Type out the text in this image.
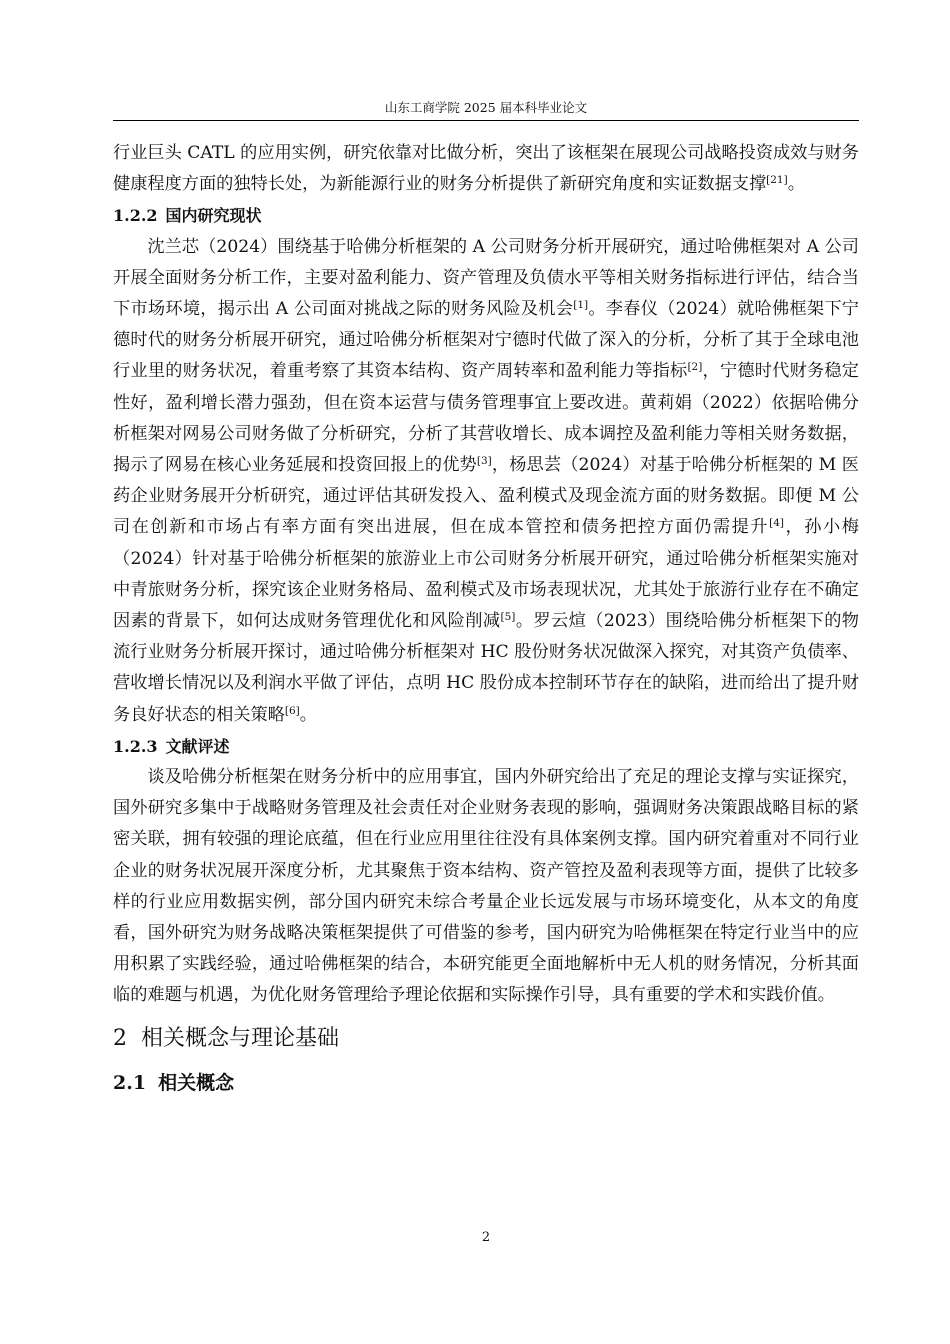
山东工商学院 2025 届本科毕业论文

行业巨头 CATL 的应用实例，研究依靠对比做分析，突出了该框架在展现公司战略投资成效与财务健康程度方面的独特长处，为新能源行业的财务分析提供了新研究角度和实证数据支撑[21]。

1.2.2 国内研究现状

沈兰芯（2024）围绕基于哈佛分析框架的 A 公司财务分析开展研究，通过哈佛框架对 A 公司开展全面财务分析工作，主要对盈利能力、资产管理及负债水平等相关财务指标进行评估，结合当下市场环境，揭示出 A 公司面对挑战之际的财务风险及机会[1]。李春仪（2024）就哈佛框架下宁德时代的财务分析展开研究，通过哈佛分析框架对宁德时代做了深入的分析，分析了其于全球电池行业里的财务状况，着重考察了其资本结构、资产周转率和盈利能力等指标[2]，宁德时代财务稳定性好，盈利增长潜力强劲，但在资本运营与债务管理事宜上要改进。黄莉娟（2022）依据哈佛分析框架对网易公司财务做了分析研究，分析了其营收增长、成本调控及盈利能力等相关财务数据，揭示了网易在核心业务延展和投资回报上的优势[3]，杨思芸（2024）对基于哈佛分析框架的 M 医药企业财务展开分析研究，通过评估其研发投入、盈利模式及现金流方面的财务数据。即便 M 公司在创新和市场占有率方面有突出进展，但在成本管控和债务把控方面仍需提升[4]，孙小梅（2024）针对基于哈佛分析框架的旅游业上市公司财务分析展开研究，通过哈佛分析框架实施对中青旅财务分析，探究该企业财务格局、盈利模式及市场表现状况，尤其处于旅游行业存在不确定因素的背景下，如何达成财务管理优化和风险削减[5]。罗云煊（2023）围绕哈佛分析框架下的物流行业财务分析展开探讨，通过哈佛分析框架对 HC 股份财务状况做深入探究，对其资产负债率、营收增长情况以及利润水平做了评估，点明 HC 股份成本控制环节存在的缺陷，进而给出了提升财务良好状态的相关策略[6]。

1.2.3 文献评述

谈及哈佛分析框架在财务分析中的应用事宜，国内外研究给出了充足的理论支撑与实证探究，国外研究多集中于战略财务管理及社会责任对企业财务表现的影响，强调财务决策跟战略目标的紧密关联，拥有较强的理论底蕴，但在行业应用里往往没有具体案例支撑。国内研究着重对不同行业企业的财务状况展开深度分析，尤其聚焦于资本结构、资产管控及盈利表现等方面，提供了比较多样的行业应用数据实例，部分国内研究未综合考量企业长远发展与市场环境变化，从本文的角度看，国外研究为财务战略决策框架提供了可借鉴的参考，国内研究为哈佛框架在特定行业当中的应用积累了实践经验，通过哈佛框架的结合，本研究能更全面地解析中无人机的财务情况，分析其面临的难题与机遇，为优化财务管理给予理论依据和实际操作引导，具有重要的学术和实践价值。

2 相关概念与理论基础
2.1 相关概念
2
